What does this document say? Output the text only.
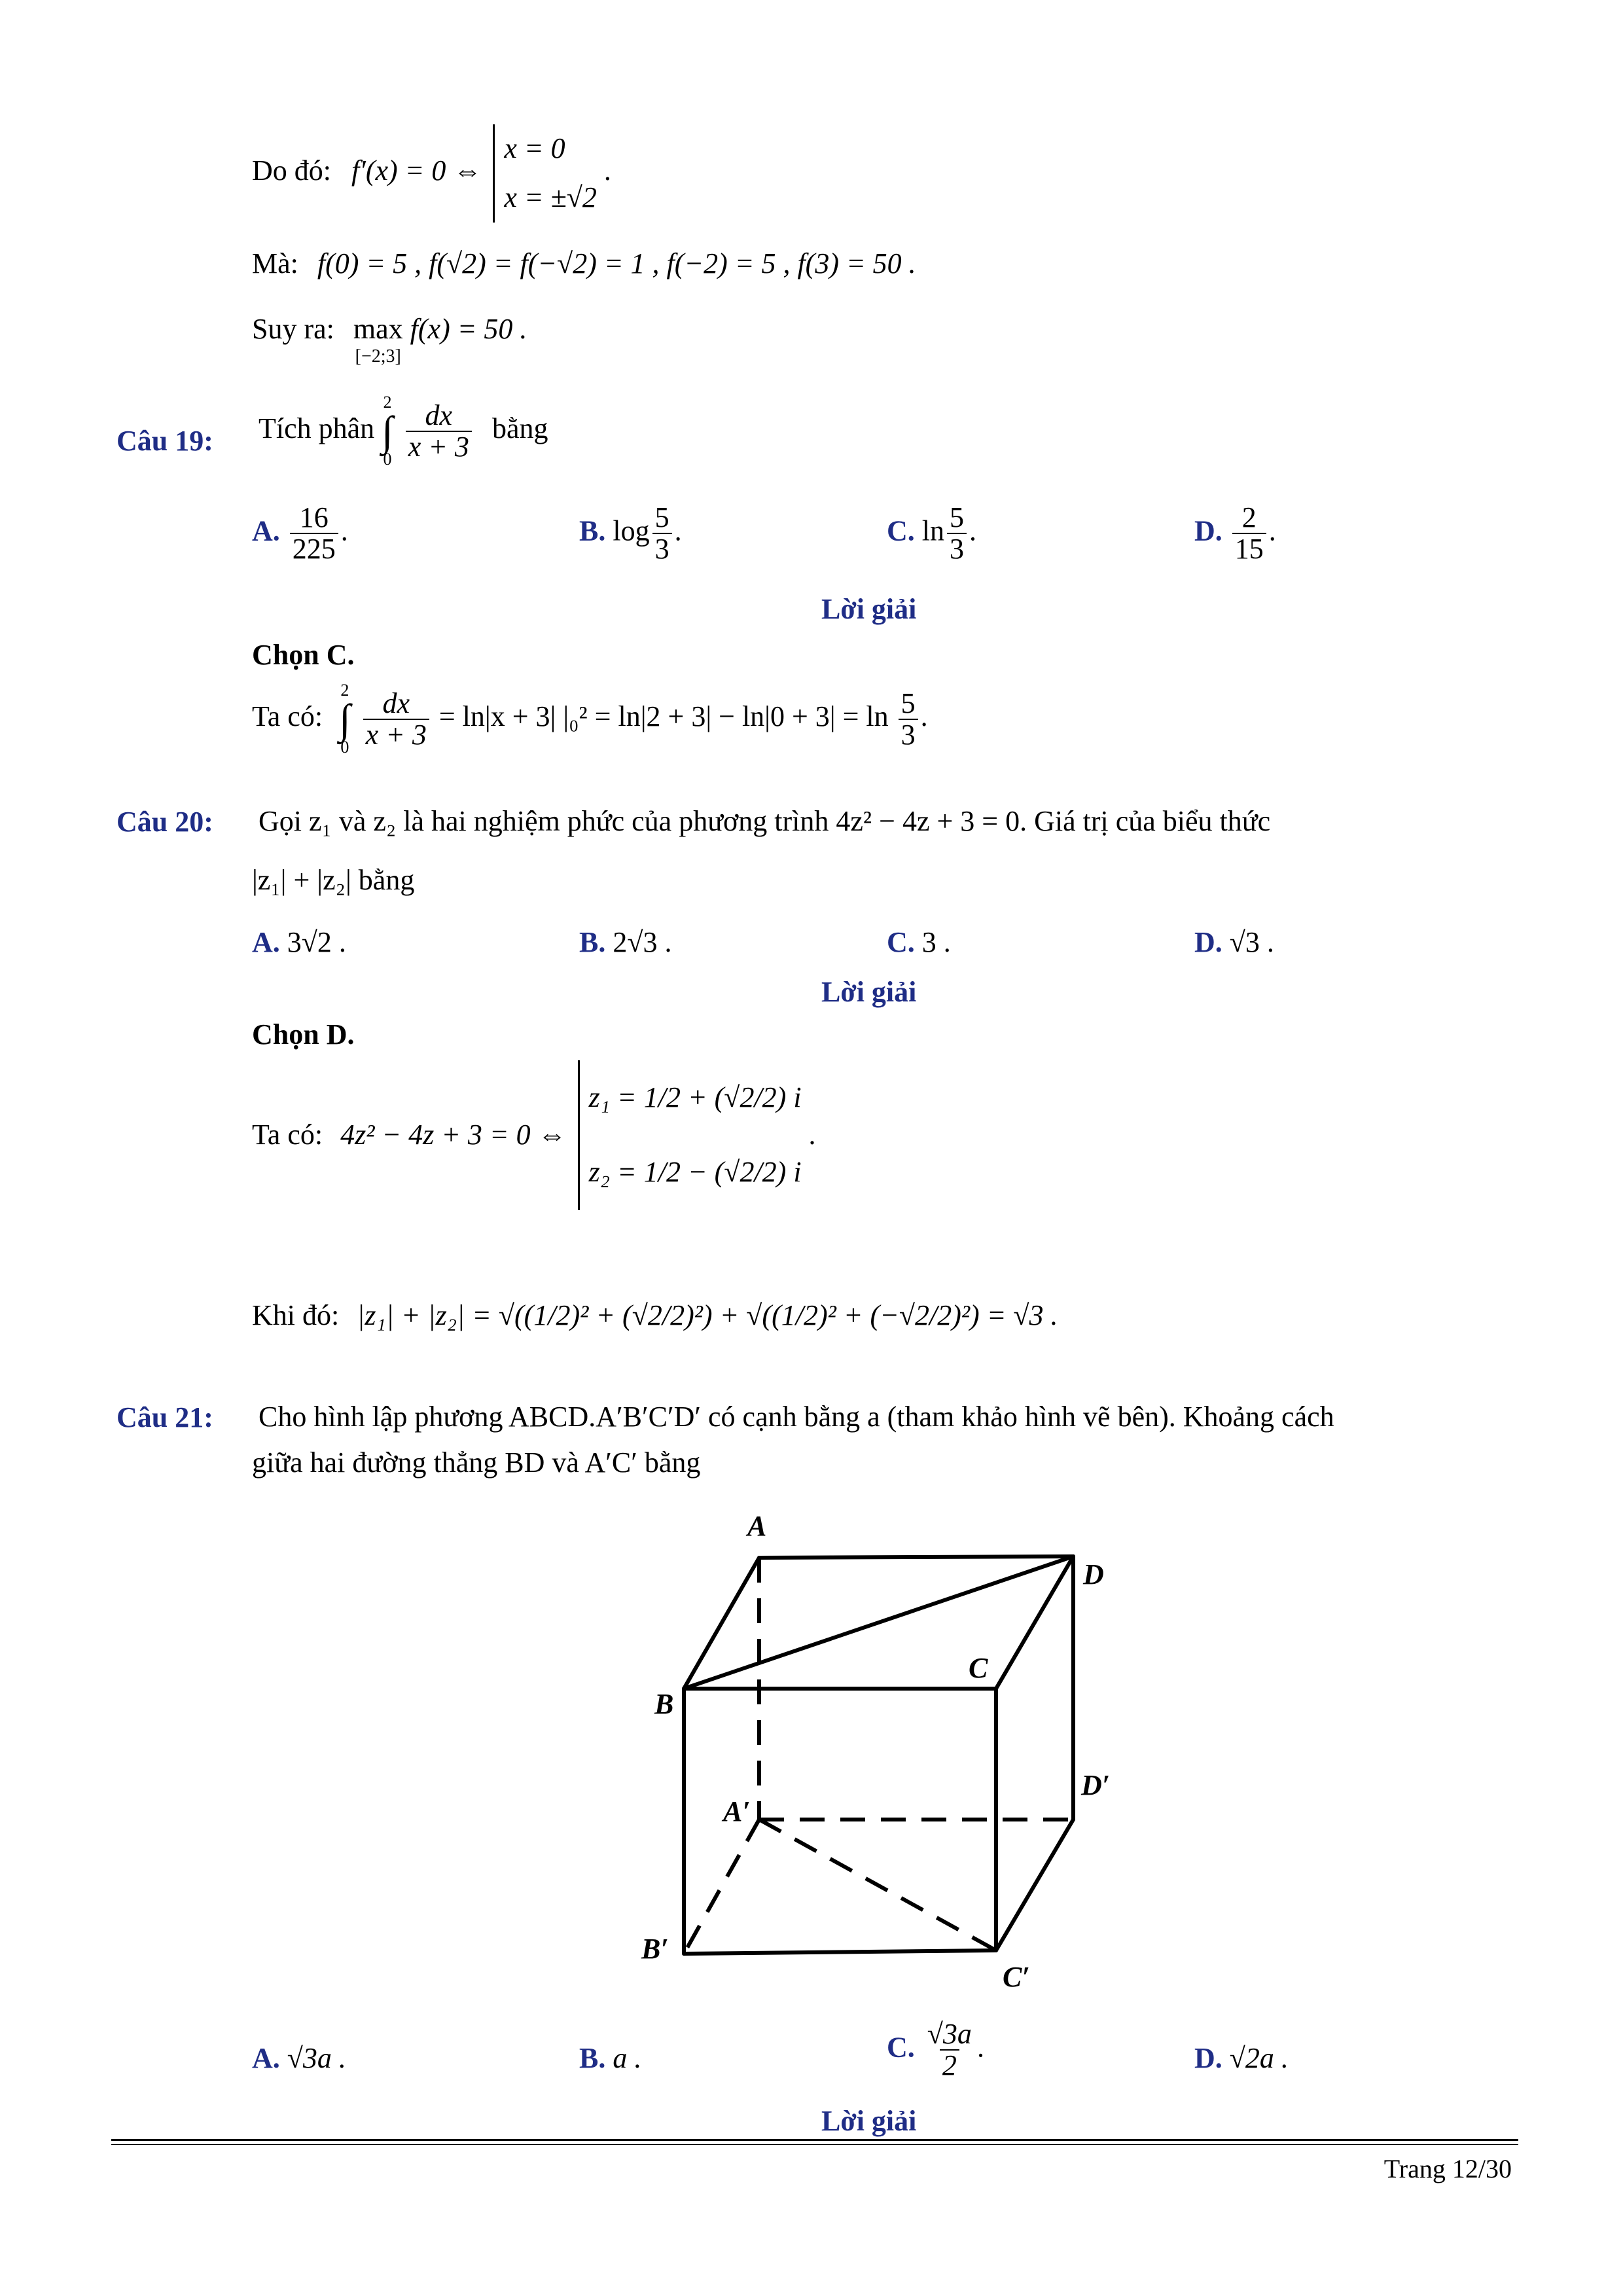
Do đó: f′(x) = 0 ⇔
x = 0
x = ±√2
.
Mà: f(0) = 5 , f(√2) = f(−√2) = 1 , f(−2) = 5 , f(3) = 50 .
Suy ra: max
[−2;3]
f(x) = 50 .
Câu 19: Tích phân
2
∫
0
$\frac{dx}{x + 3}$ bằng
A. $\frac{16}{225}$ .	B. $\log \frac{5}{3}$ .	C. $\ln \frac{5}{3}$ .	D. $\frac{2}{15}$ .
Lời giải
Chọn C.
Ta có:
2
∫
0
$\frac{dx}{x + 3} = \ln|x + 3|$ $|_0^2 = \ln|2 + 3| - \ln|0 + 3| = \ln \frac{5}{3}$ .
Câu 20: Gọi z₁ và z₂ là hai nghiệm phức của phương trình 4z² − 4z + 3 = 0. Giá trị của biểu thức
|z₁| + |z₂| bằng
A. 3√2 .	B. 2√3 .	C. 3 .	D. √3 .
Lời giải
Chọn D.
Ta có: 4z² − 4z + 3 = 0 ⇔
z₁ = 1/2 + (√2/2) i
z₂ = 1/2 − (√2/2) i
.
Khi đó: |z₁| + |z₂| = √((1/2)² + (√2/2)²) + √((1/2)² + (−√2/2)²) = √3 .
Câu 21: Cho hình lập phương ABCD.A′B′C′D′ có cạnh bằng a (tham khảo hình vẽ bên). Khoảng cách
giữa hai đường thẳng BD và A′C′ bằng
A
D
C
B
D′
A′
B′
C′
A. √3a .	B. a .	C. $\frac{√3a}{2}$ .	D. √2a .
Lời giải
Trang 12/30
